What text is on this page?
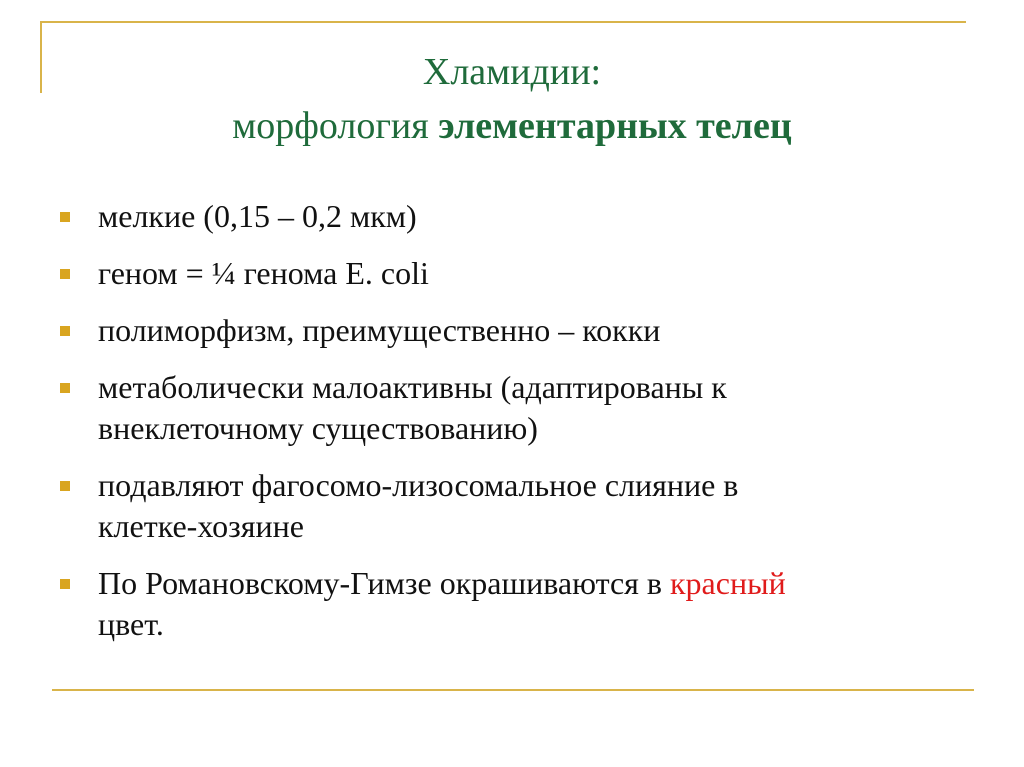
Хламидии:
морфология элементарных телец
мелкие (0,15 – 0,2 мкм)
геном = ¼ генома E. coli
полиморфизм, преимущественно – кокки
метаболически малоактивны (адаптированы к
внеклеточному существованию)
подавляют фагосомо-лизосомальное слияние в
клетке-хозяине
По Романовскому-Гимзе окрашиваются в красный
цвет.
